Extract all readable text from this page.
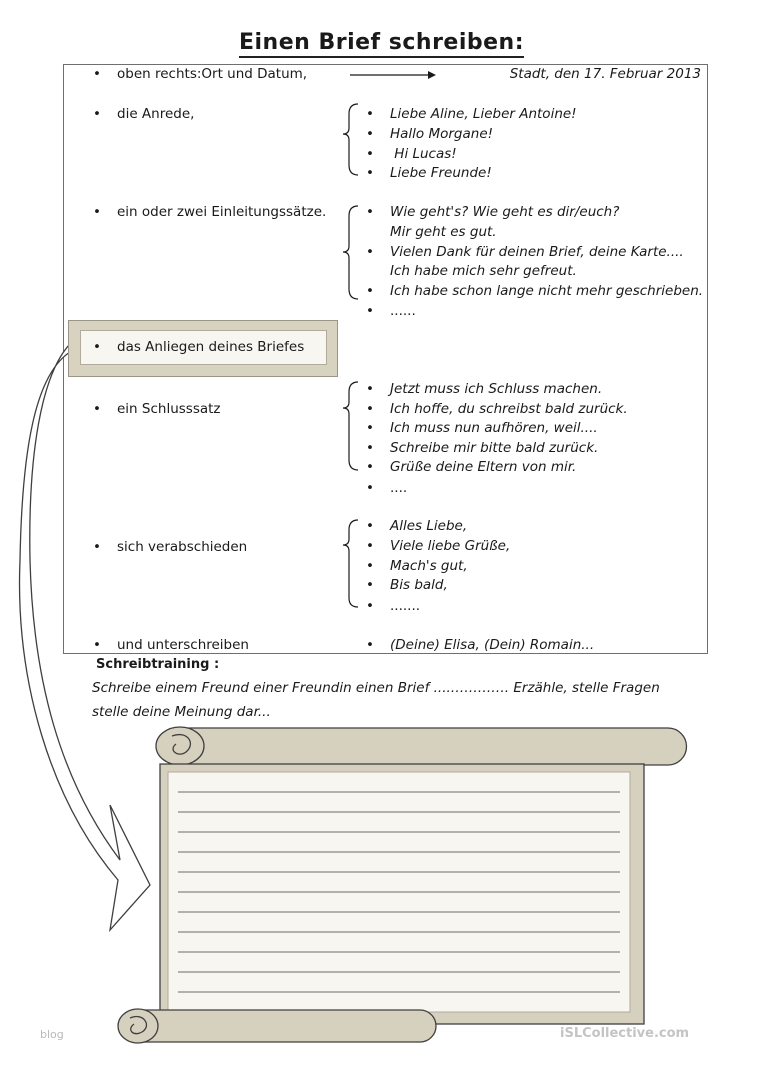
Einen Brief schreiben:
Stadt, den 17. Februar 2013
• oben rechts:Ort und Datum,
• die Anrede,
• ein oder zwei Einleitungssätze.
• ein Schlusssatz
• sich verabschieden
• und unterschreiben
• das Anliegen deines Briefes
• Liebe Aline, Lieber Antoine!
• Hallo Morgane!
• Hi Lucas!
• Liebe Freunde!
• Wie geht's? Wie geht es dir/euch?
Mir geht es gut.
• Vielen Dank für deinen Brief, deine Karte....
Ich habe mich sehr gefreut.
• Ich habe schon lange nicht mehr geschrieben.
• ......
• Jetzt muss ich Schluss machen.
• Ich hoffe, du schreibst bald zurück.
• Ich muss nun aufhören, weil....
• Schreibe mir bitte bald zurück.
• Grüße deine Eltern von mir.
• ....
• Alles Liebe,
• Viele liebe Grüße,
• Mach's gut,
• Bis bald,
• .......
• (Deine) Elisa, (Dein) Romain...
Schreibtraining :
Schreibe einem Freund einer Freundin einen Brief ....…………. Erzähle, stelle Fragen
stelle deine Meinung dar...
blog	iSLCollective.com
